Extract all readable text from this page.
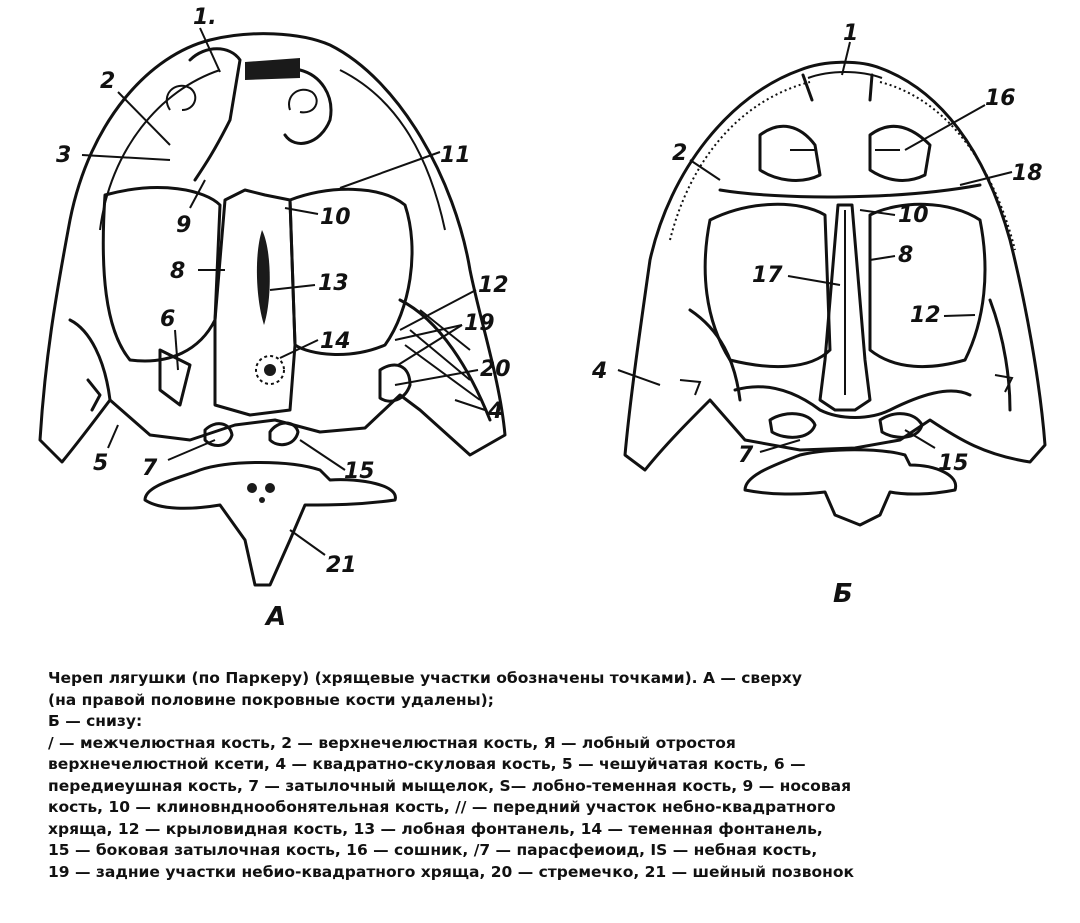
1.
2
3
9
8
6
5 7
10
11
13
14
12
19
20
4
15
21
А
1
16
2
18
10
17
8
12
4
7	15
Б
Череп лягушки (по Паркеру) (хрящевые участки обозначены точками). А — сверху
(на правой половине покровные кости удалены);
Б — снизу:
/ — межчелюстная кость, 2 — верхнечелюстная кость, Я — лобный отростоя
верхнечелюстной ксети, 4 — квадратно-скуловая кость, 5 — чешуйчатая кость, 6 —
передиеушная кость, 7 — затылочный мыщелок, S— лобно-теменная кость, 9 — носовая
кость, 10 — клиновндноoбонятельная кость, // — передний участок небно-квадратного
хряща, 12 — крыловидная кость, 13 — лобная фонтанель, 14 — теменная фонтанель,
15 — боковая затылочная кость, 16 — сошник, /7 — парасфеиоид, IS — небная кость,
19 — задние участки небио-квадратного хряща, 20 — стремечко, 21 — шейный позвонок
